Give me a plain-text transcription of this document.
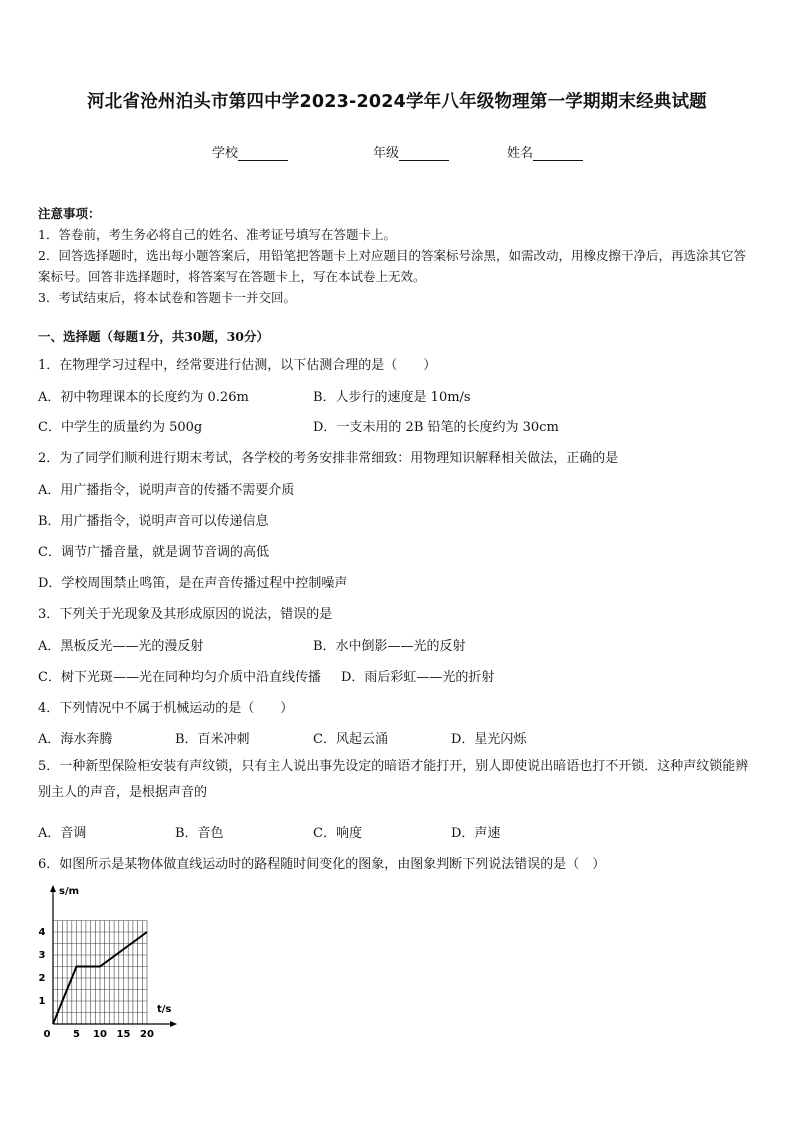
河北省沧州泊头市第四中学2023-2024学年八年级物理第一学期期末经典试题
学校	年级	姓名
注意事项：
1．答卷前，考生务必将自己的姓名、准考证号填写在答题卡上。
2．回答选择题时，选出每小题答案后，用铅笔把答题卡上对应题目的答案标号涂黑，如需改动，用橡皮擦干净后，再选涂其它答案标号。回答非选择题时，将答案写在答题卡上，写在本试卷上无效。
3．考试结束后，将本试卷和答题卡一并交回。
一、选择题（每题1分，共30题，30分）
1．在物理学习过程中，经常要进行估测，以下估测合理的是（　　）
A．初中物理课本的长度约为 0.26m	B．人步行的速度是 10m/s
C．中学生的质量约为 500g	D．一支未用的 2B 铅笔的长度约为 30cm
2．为了同学们顺利进行期末考试，各学校的考务安排非常细致：用物理知识解释相关做法，正确的是
A．用广播指令，说明声音的传播不需要介质
B．用广播指令，说明声音可以传递信息
C．调节广播音量，就是调节音调的高低
D．学校周围禁止鸣笛，是在声音传播过程中控制噪声
3．下列关于光现象及其形成原因的说法，错误的是
A．黑板反光——光的漫反射	B．水中倒影——光的反射
C．树下光斑——光在同种均匀介质中沿直线传播 D．雨后彩虹——光的折射
4．下列情况中不属于机械运动的是（　　）
A．海水奔腾	B．百米冲刺	C．风起云涌	D．星光闪烁
5．一种新型保险柜安装有声纹锁，只有主人说出事先设定的暗语才能打开，别人即使说出暗语也打不开锁．这种声纹锁能辨别主人的声音，是根据声音的
A．音调	B．音色	C．响度	D．声速
6．如图所示是某物体做直线运动时的路程随时间变化的图象，由图象判断下列说法错误的是（　）
s/m
t/s
0 5 10 15 20
1
2
3
4
